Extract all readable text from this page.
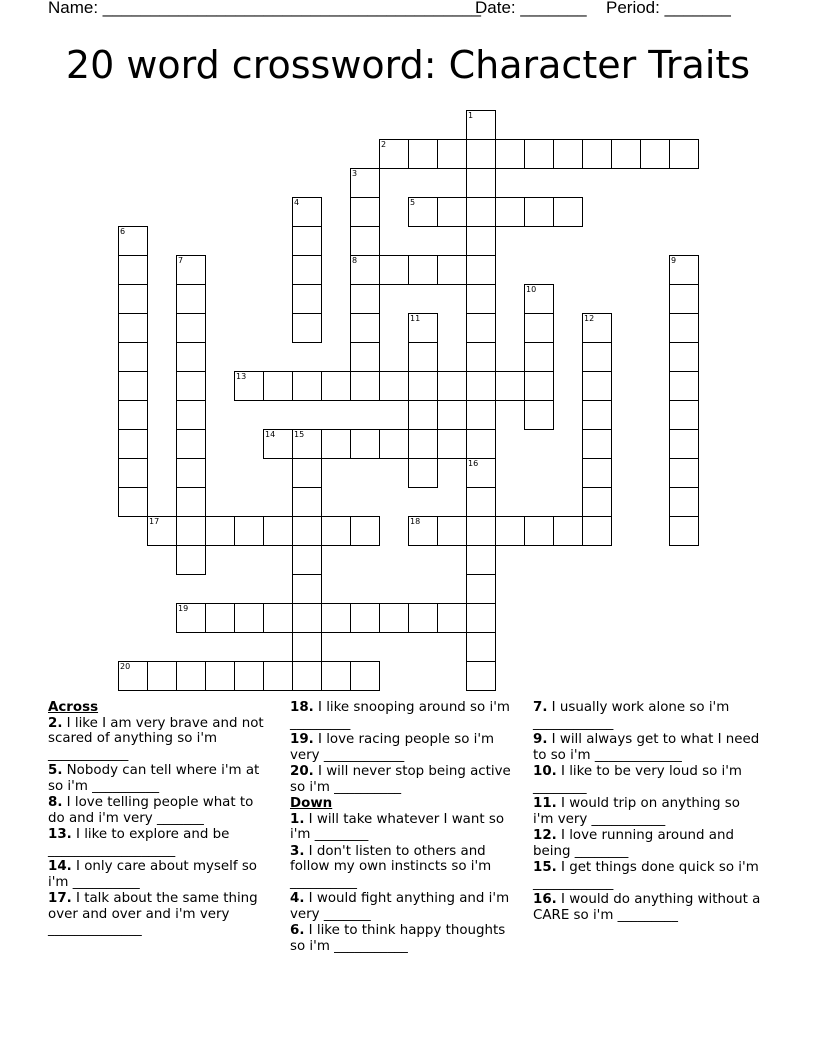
Name: ________________________________________

Date: _______

Period: _______

20 word crossword: Character Traits
1
2
3
4	5
6
7	8	9
10
11	12
13
14 15
16
17	18
19
20
Across
2. I like I am very brave and not scared of anything so i'm ____________
5. Nobody can tell where i'm at so i'm __________
8. I love telling people what to do and i'm very _______
13. I like to explore and be ___________________
14. I only care about myself so i'm __________
17. I talk about the same thing over and over and i'm very ______________
18. I like snooping around so i'm _________
19. I love racing people so i'm very ____________
20. I will never stop being active so i'm __________
Down
1. I will take whatever I want so i'm ________
3. I don't listen to others and follow my own instincts so i'm __________
4. I would fight anything and i'm very _______
6. I like to think happy thoughts so i'm ___________
7. I usually work alone so i'm ____________
9. I will always get to what I need to so i'm _____________
10. I like to be very loud so i'm ________
11. I would trip on anything so i'm very ___________
12. I love running around and being ________
15. I get things done quick so i'm ____________
16. I would do anything without a CARE so i'm _________
